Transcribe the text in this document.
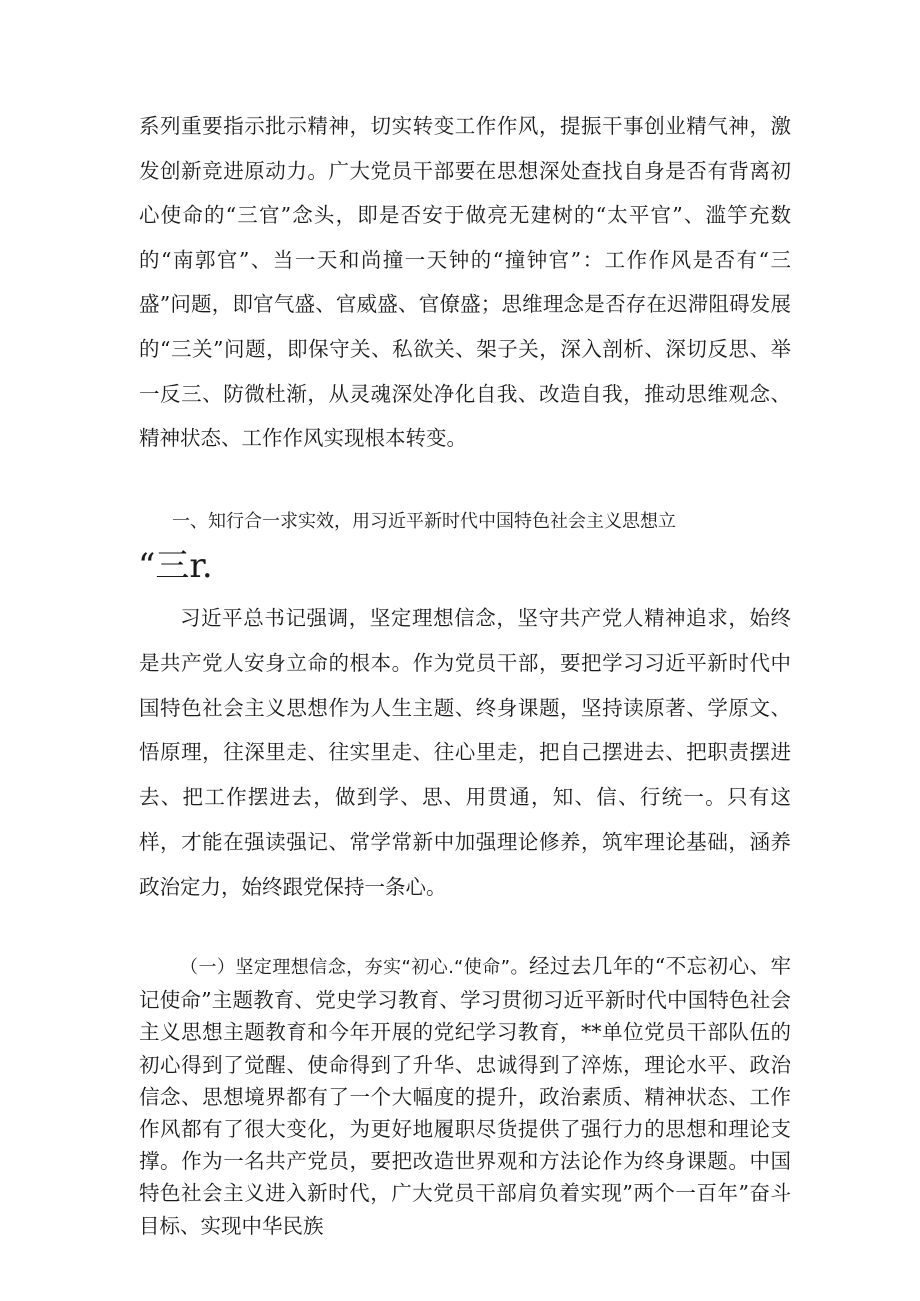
系列重要指示批示精神，切实转变工作作风，提振干事创业精气神，激发创新竞进原动力。广大党员干部要在思想深处查找自身是否有背离初心使命的“三官”念头，即是否安于做亮无建树的“太平官”、滥竽充数的“南郭官”、当一天和尚撞一天钟的“撞钟官”：工作作风是否有“三盛”问题，即官气盛、官威盛、官僚盛；思维理念是否存在迟滞阻碍发展的“三关”问题，即保守关、私欲关、架子关，深入剖析、深切反思、举一反三、防微杜渐，从灵魂深处净化自我、改造自我，推动思维观念、精神状态、工作作风实现根本转变。

一、知行合一求实效，用习近平新时代中国特色社会主义思想立

“三r.

习近平总书记强调，坚定理想信念，坚守共产党人精神追求，始终是共产党人安身立命的根本。作为党员干部，要把学习习近平新时代中国特色社会主义思想作为人生主题、终身课题，坚持读原著、学原文、悟原理，往深里走、往实里走、往心里走，把自己摆进去、把职责摆进去、把工作摆进去，做到学、思、用贯通，知、信、行统一。只有这样，才能在强读强记、常学常新中加强理论修养，筑牢理论基础，涵养政治定力，始终跟党保持一条心。

（一）坚定理想信念，夯实“初心.“使命”。经过去几年的“不忘初心、牢记使命”主题教育、党史学习教育、学习贯彻习近平新时代中国特色社会主义思想主题教育和今年开展的党纪学习教育，**单位党员干部队伍的初心得到了觉醒、使命得到了升华、忠诚得到了淬炼，理论水平、政治信念、思想境界都有了一个大幅度的提升，政治素质、精神状态、工作作风都有了很大变化，为更好地履职尽货提供了强行力的思想和理论支撑。作为一名共产党员，要把改造世界观和方法论作为终身课题。中国特色社会主义进入新时代，广大党员干部肩负着实现”两个一百年”奋斗目标、实现中华民族
